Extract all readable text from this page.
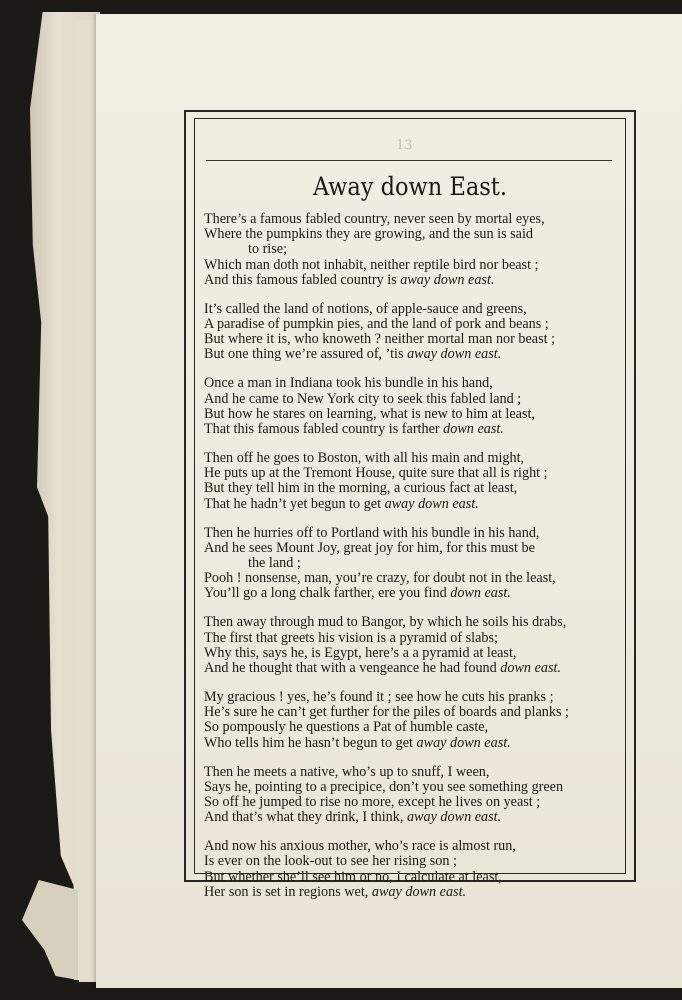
13
Away down East.
There’s a famous fabled country, never seen by mortal eyes,
Where the pumpkins they are growing, and the sun is said
to rise;
Which man doth not inhabit, neither reptile bird nor beast ;
And this famous fabled country is away down east.
It’s called the land of notions, of apple-sauce and greens,
A paradise of pumpkin pies, and the land of pork and beans ;
But where it is, who knoweth ? neither mortal man nor beast ;
But one thing we’re assured of, ’tis away down east.
Once a man in Indiana took his bundle in his hand,
And he came to New York city to seek this fabled land ;
But how he stares on learning, what is new to him at least,
That this famous fabled country is farther down east.
Then off he goes to Boston, with all his main and might,
He puts up at the Tremont House, quite sure that all is right ;
But they tell him in the morning, a curious fact at least,
That he hadn’t yet begun to get away down east.
Then he hurries off to Portland with his bundle in his hand,
And he sees Mount Joy, great joy for him, for this must be
the land ;
Pooh ! nonsense, man, you’re crazy, for doubt not in the least,
You’ll go a long chalk farther, ere you find down east.
Then away through mud to Bangor, by which he soils his drabs,
The first that greets his vision is a pyramid of slabs;
Why this, says he, is Egypt, here’s a a pyramid at least,
And he thought that with a vengeance he had found down east.
My gracious ! yes, he’s found it ; see how he cuts his pranks ;
He’s sure he can’t get further for the piles of boards and planks ;
So pompously he questions a Pat of humble caste,
Who tells him he hasn’t begun to get away down east.
Then he meets a native, who’s up to snuff, I ween,
Says he, pointing to a precipice, don’t you see something green
So off he jumped to rise no more, except he lives on yeast ;
And that’s what they drink, I think, away down east.
And now his anxious mother, who’s race is almost run,
Is ever on the look-out to see her rising son ;
But whether she’ll see him or no, I calculate at least,
Her son is set in regions wet, away down east.
